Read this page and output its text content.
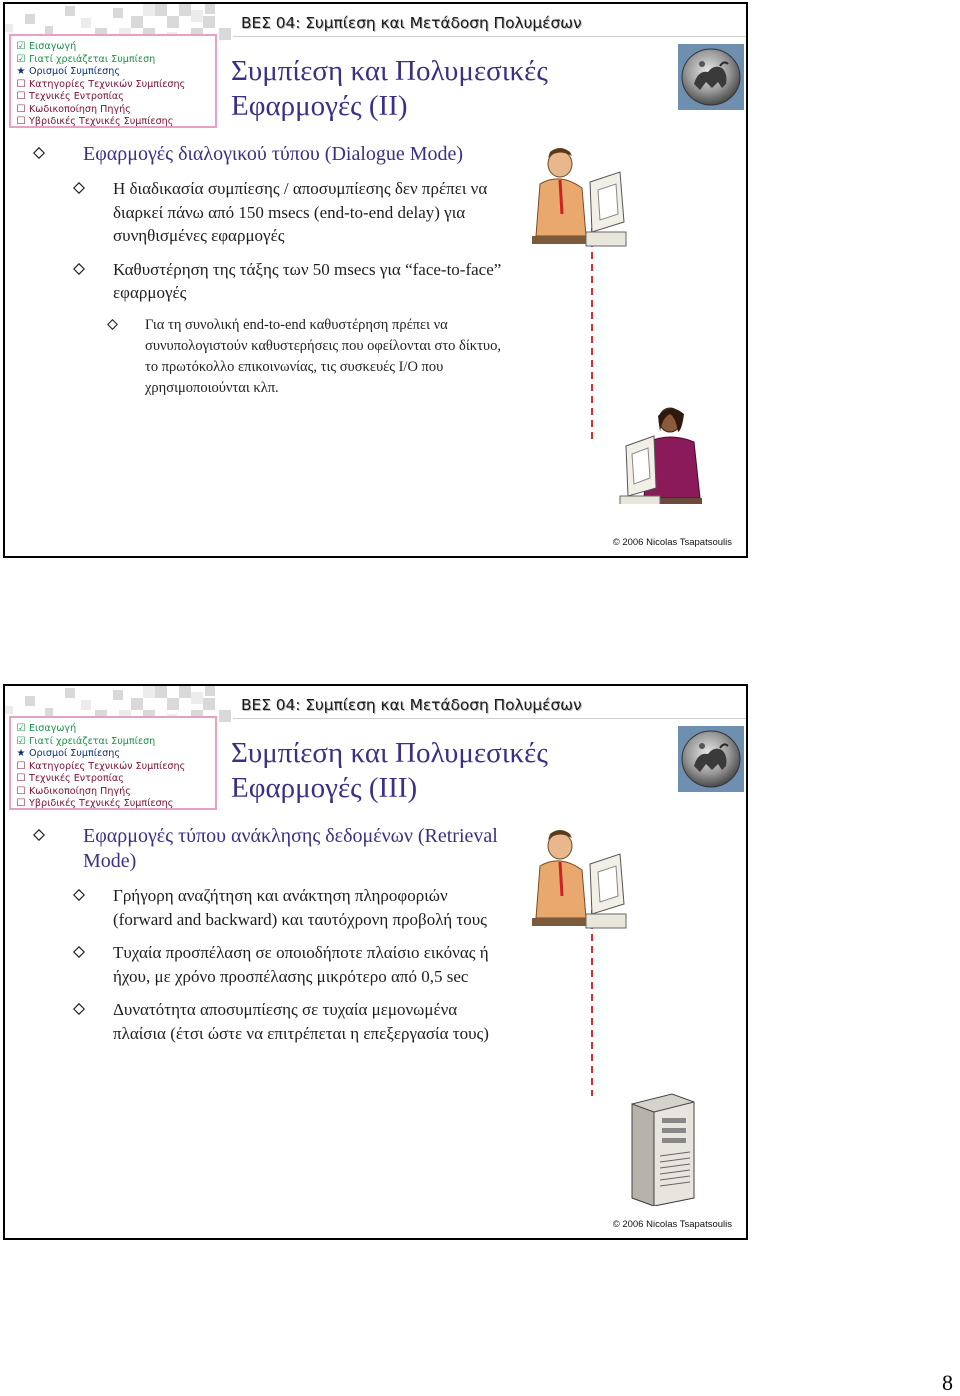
ΒΕΣ 04: Συμπίεση και Μετάδοση Πολυμέσων
☑ Εισαγωγή
☑ Γιατί χρειάζεται Συμπίεση
★ Ορισμοί Συμπίεσης
☐ Κατηγορίες Τεχνικών Συμπίεσης
☐ Τεχνικές Εντροπίας
☐ Κωδικοποίηση Πηγής
☐ Υβριδικές Τεχνικές Συμπίεσης
Συμπίεση και Πολυμεσικές
Εφαρμογές (ΙΙ)
Εφαρμογές διαλογικού τύπου (Dialogue Mode)
Η διαδικασία συμπίεσης / αποσυμπίεσης δεν πρέπει να διαρκεί πάνω από 150 msecs (end-to-end delay) για συνηθισμένες εφαρμογές
Καθυστέρηση της τάξης των 50 msecs για “face-to-face” εφαρμογές
Για τη συνολική end-to-end καθυστέρηση πρέπει να συνυπολογιστούν καθυστερήσεις που οφείλονται στο δίκτυο, το πρωτόκολλο επικοινωνίας, τις συσκευές Ι/Ο που χρησιμοποιούνται κλπ.
© 2006 Nicolas Tsapatsoulis
ΒΕΣ 04: Συμπίεση και Μετάδοση Πολυμέσων
☑ Εισαγωγή
☑ Γιατί χρειάζεται Συμπίεση
★ Ορισμοί Συμπίεσης
☐ Κατηγορίες Τεχνικών Συμπίεσης
☐ Τεχνικές Εντροπίας
☐ Κωδικοποίηση Πηγής
☐ Υβριδικές Τεχνικές Συμπίεσης
Συμπίεση και Πολυμεσικές
Εφαρμογές (ΙΙΙ)
Εφαρμογές τύπου ανάκλησης δεδομένων (Retrieval Mode)
Γρήγορη αναζήτηση και ανάκτηση πληροφοριών (forward and backward) και ταυτόχρονη προβολή τους
Τυχαία προσπέλαση σε οποιοδήποτε πλαίσιο εικόνας ή ήχου, με χρόνο προσπέλασης μικρότερο από 0,5 sec
Δυνατότητα αποσυμπίεσης σε τυχαία μεμονωμένα πλαίσια (έτσι ώστε να επιτρέπεται η επεξεργασία τους)
© 2006 Nicolas Tsapatsoulis
8
